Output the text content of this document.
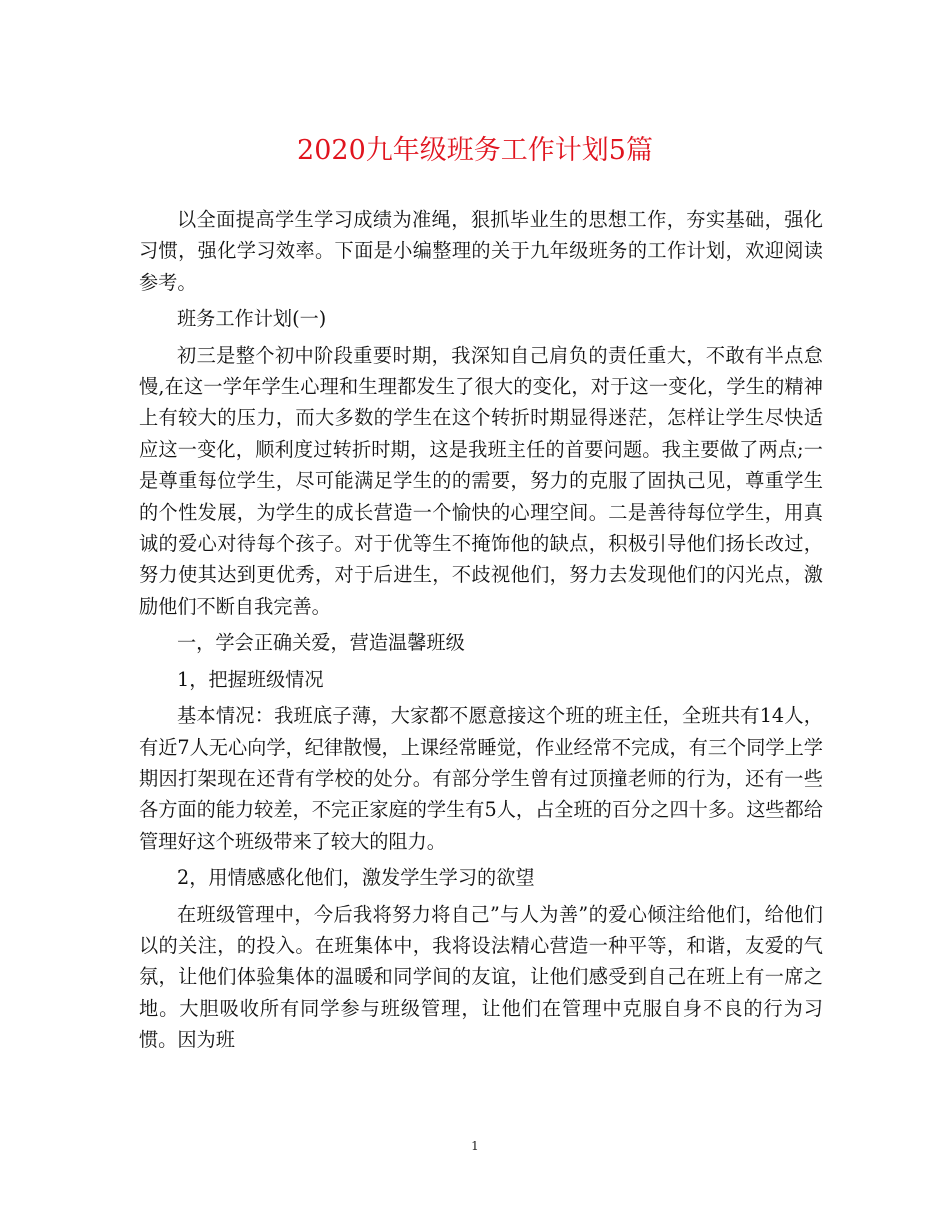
2020九年级班务工作计划5篇

以全面提高学生学习成绩为准绳，狠抓毕业生的思想工作，夯实基础，强化习惯，强化学习效率。下面是小编整理的关于九年级班务的工作计划，欢迎阅读参考。

班务工作计划(一)

初三是整个初中阶段重要时期，我深知自己肩负的责任重大，不敢有半点怠慢,在这一学年学生心理和生理都发生了很大的变化，对于这一变化，学生的精神上有较大的压力，而大多数的学生在这个转折时期显得迷茫，怎样让学生尽快适应这一变化，顺利度过转折时期，这是我班主任的首要问题。我主要做了两点;一是尊重每位学生，尽可能满足学生的的需要，努力的克服了固执己见，尊重学生的个性发展，为学生的成长营造一个愉快的心理空间。二是善待每位学生，用真诚的爱心对待每个孩子。对于优等生不掩饰他的缺点，积极引导他们扬长改过，努力使其达到更优秀，对于后进生，不歧视他们，努力去发现他们的闪光点，激励他们不断自我完善。

一，学会正确关爱，营造温馨班级

1，把握班级情况

基本情况：我班底子薄，大家都不愿意接这个班的班主任，全班共有14人，有近7人无心向学，纪律散慢，上课经常睡觉，作业经常不完成，有三个同学上学期因打架现在还背有学校的处分。有部分学生曾有过顶撞老师的行为，还有一些各方面的能力较差，不完正家庭的学生有5人，占全班的百分之四十多。这些都给管理好这个班级带来了较大的阻力。

2，用情感感化他们，激发学生学习的欲望

在班级管理中，今后我将努力将自己”与人为善”的爱心倾注给他们，给他们以的关注，的投入。在班集体中，我将设法精心营造一种平等，和谐，友爱的气氛，让他们体验集体的温暖和同学间的友谊，让他们感受到自己在班上有一席之地。大胆吸收所有同学参与班级管理，让他们在管理中克服自身不良的行为习惯。因为班

1
